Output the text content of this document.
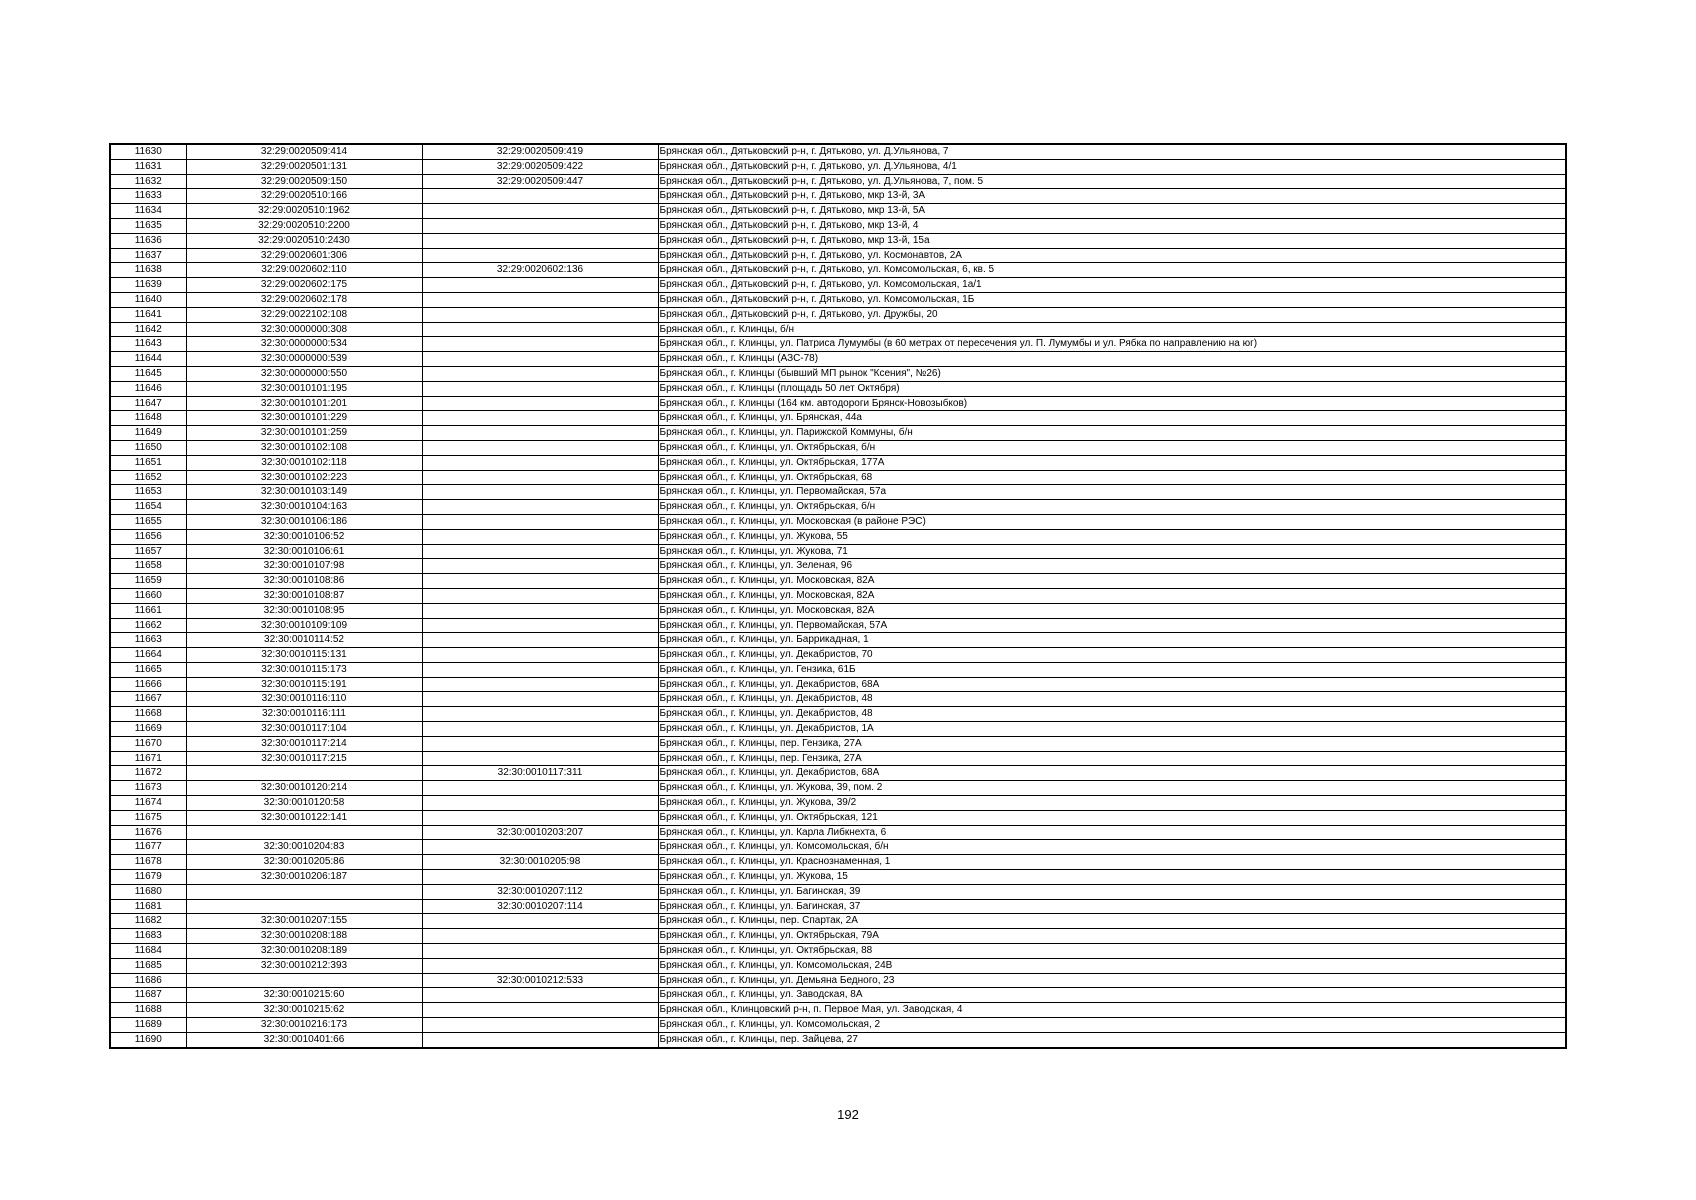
11630	32:29:0020509:414	32:29:0020509:419	Брянская обл., Дятьковский р-н, г. Дятьково, ул. Д.Ульянова, 7
11631	32:29:0020501:131	32:29:0020509:422	Брянская обл., Дятьковский р-н, г. Дятьково, ул. Д.Ульянова, 4/1
11632	32:29:0020509:150	32:29:0020509:447	Брянская обл., Дятьковский р-н, г. Дятьково, ул. Д.Ульянова, 7, пом. 5
11633	32:29:0020510:166		Брянская обл., Дятьковский р-н, г. Дятьково, мкр 13-й, 3А
11634	32:29:0020510:1962		Брянская обл., Дятьковский р-н, г. Дятьково, мкр 13-й, 5А
11635	32:29:0020510:2200		Брянская обл., Дятьковский р-н, г. Дятьково, мкр 13-й, 4
11636	32:29:0020510:2430		Брянская обл., Дятьковский р-н, г. Дятьково, мкр 13-й, 15а
11637	32:29:0020601:306		Брянская обл., Дятьковский р-н, г. Дятьково, ул. Космонавтов, 2А
11638	32:29:0020602:110	32:29:0020602:136	Брянская обл., Дятьковский р-н, г. Дятьково, ул. Комсомольская, 6, кв. 5
11639	32:29:0020602:175		Брянская обл., Дятьковский р-н, г. Дятьково, ул. Комсомольская, 1а/1
11640	32:29:0020602:178		Брянская обл., Дятьковский р-н, г. Дятьково, ул. Комсомольская, 1Б
11641	32:29:0022102:108		Брянская обл., Дятьковский р-н, г. Дятьково, ул. Дружбы, 20
11642	32:30:0000000:308		Брянская обл., г. Клинцы, б/н
11643	32:30:0000000:534		Брянская обл., г. Клинцы, ул. Патриса Лумумбы (в 60 метрах от пересечения ул. П. Лумумбы и ул. Рябка по направлению на юг)
11644	32:30:0000000:539		Брянская обл., г. Клинцы (АЗС-78)
11645	32:30:0000000:550		Брянская обл., г. Клинцы (бывший МП рынок "Ксения", №26)
11646	32:30:0010101:195		Брянская обл., г. Клинцы (площадь 50 лет Октября)
11647	32:30:0010101:201		Брянская обл., г. Клинцы (164 км. автодороги Брянск-Новозыбков)
11648	32:30:0010101:229		Брянская обл., г. Клинцы, ул. Брянская, 44а
11649	32:30:0010101:259		Брянская обл., г. Клинцы, ул. Парижской Коммуны, б/н
11650	32:30:0010102:108		Брянская обл., г. Клинцы, ул. Октябрьская, б/н
11651	32:30:0010102:118		Брянская обл., г. Клинцы, ул. Октябрьская, 177А
11652	32:30:0010102:223		Брянская обл., г. Клинцы, ул. Октябрьская, 68
11653	32:30:0010103:149		Брянская обл., г. Клинцы, ул. Первомайская, 57а
11654	32:30:0010104:163		Брянская обл., г. Клинцы, ул. Октябрьская, б/н
11655	32:30:0010106:186		Брянская обл., г. Клинцы, ул. Московская (в районе РЭС)
11656	32:30:0010106:52		Брянская обл., г. Клинцы, ул. Жукова, 55
11657	32:30:0010106:61		Брянская обл., г. Клинцы, ул. Жукова, 71
11658	32:30:0010107:98		Брянская обл., г. Клинцы, ул. Зеленая, 96
11659	32:30:0010108:86		Брянская обл., г. Клинцы, ул. Московская, 82А
11660	32:30:0010108:87		Брянская обл., г. Клинцы, ул. Московская, 82А
11661	32:30:0010108:95		Брянская обл., г. Клинцы, ул. Московская, 82А
11662	32:30:0010109:109		Брянская обл., г. Клинцы, ул. Первомайская, 57А
11663	32:30:0010114:52		Брянская обл., г. Клинцы, ул. Баррикадная, 1
11664	32:30:0010115:131		Брянская обл., г. Клинцы, ул. Декабристов, 70
11665	32:30:0010115:173		Брянская обл., г. Клинцы, ул. Гензика, 61Б
11666	32:30:0010115:191		Брянская обл., г. Клинцы, ул. Декабристов, 68А
11667	32:30:0010116:110		Брянская обл., г. Клинцы, ул. Декабристов, 48
11668	32:30:0010116:111		Брянская обл., г. Клинцы, ул. Декабристов, 48
11669	32:30:0010117:104		Брянская обл., г. Клинцы, ул. Декабристов, 1А
11670	32:30:0010117:214		Брянская обл., г. Клинцы, пер. Гензика, 27А
11671	32:30:0010117:215		Брянская обл., г. Клинцы, пер. Гензика, 27А
11672		32:30:0010117:311	Брянская обл., г. Клинцы, ул. Декабристов, 68А
11673	32:30:0010120:214		Брянская обл., г. Клинцы, ул. Жукова, 39, пом. 2
11674	32:30:0010120:58		Брянская обл., г. Клинцы, ул. Жукова, 39/2
11675	32:30:0010122:141		Брянская обл., г. Клинцы, ул. Октябрьская, 121
11676		32:30:0010203:207	Брянская обл., г. Клинцы, ул. Карла Либкнехта, 6
11677	32:30:0010204:83		Брянская обл., г. Клинцы, ул. Комсомольская, б/н
11678	32:30:0010205:86	32:30:0010205:98	Брянская обл., г. Клинцы, ул. Краснознаменная, 1
11679	32:30:0010206:187		Брянская обл., г. Клинцы, ул. Жукова, 15
11680		32:30:0010207:112	Брянская обл., г. Клинцы, ул. Багинская, 39
11681		32:30:0010207:114	Брянская обл., г. Клинцы, ул. Багинская, 37
11682	32:30:0010207:155		Брянская обл., г. Клинцы, пер. Спартак, 2А
11683	32:30:0010208:188		Брянская обл., г. Клинцы, ул. Октябрьская, 79А
11684	32:30:0010208:189		Брянская обл., г. Клинцы, ул. Октябрьская, 88
11685	32:30:0010212:393		Брянская обл., г. Клинцы, ул. Комсомольская, 24В
11686		32:30:0010212:533	Брянская обл., г. Клинцы, ул. Демьяна Бедного, 23
11687	32:30:0010215:60		Брянская обл., г. Клинцы, ул. Заводская, 8А
11688	32:30:0010215:62		Брянская обл., Клинцовский р-н, п. Первое Мая, ул. Заводская, 4
11689	32:30:0010216:173		Брянская обл., г. Клинцы, ул. Комсомольская, 2
11690	32:30:0010401:66		Брянская обл., г. Клинцы, пер. Зайцева, 27
192
